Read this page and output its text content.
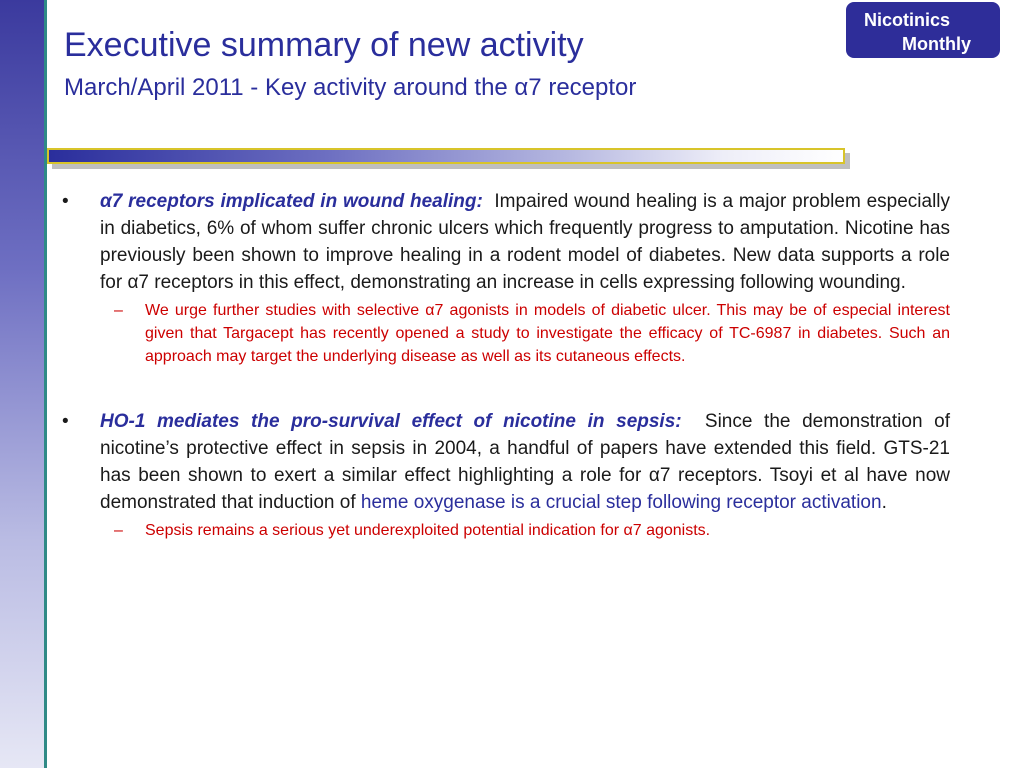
Executive summary of new activity
March/April 2011 - Key activity around the α7 receptor
Nicotinics
Monthly
• α7 receptors implicated in wound healing: Impaired wound healing is a major problem especially in diabetics, 6% of whom suffer chronic ulcers which frequently progress to amputation. Nicotine has previously been shown to improve healing in a rodent model of diabetes. New data supports a role for α7 receptors in this effect, demonstrating an increase in cells expressing following wounding.
– We urge further studies with selective α7 agonists in models of diabetic ulcer. This may be of especial interest given that Targacept has recently opened a study to investigate the efficacy of TC-6987 in diabetes. Such an approach may target the underlying disease as well as its cutaneous effects.
• HO-1 mediates the pro-survival effect of nicotine in sepsis: Since the demonstration of nicotine’s protective effect in sepsis in 2004, a handful of papers have extended this field. GTS-21 has been shown to exert a similar effect highlighting a role for α7 receptors. Tsoyi et al have now demonstrated that induction of heme oxygenase is a crucial step following receptor activation.
– Sepsis remains a serious yet underexploited potential indication for α7 agonists.
